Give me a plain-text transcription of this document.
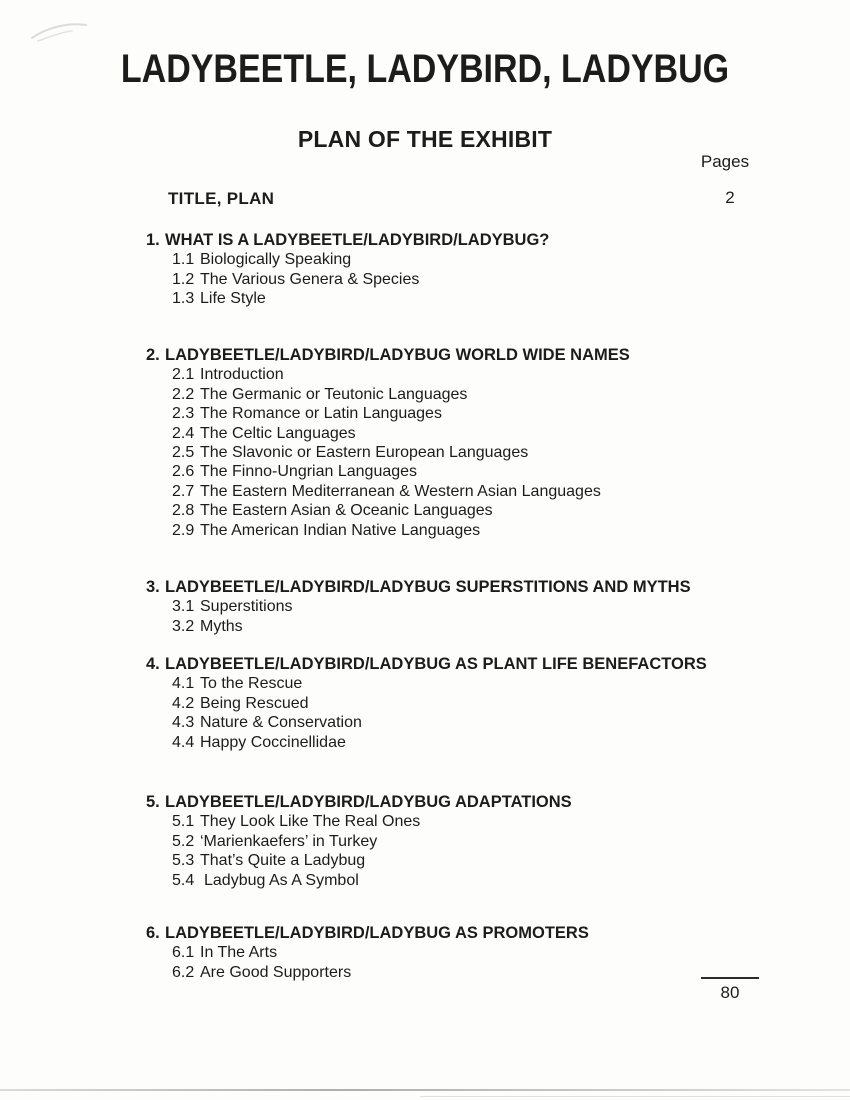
LADYBEETLE, LADYBIRD, LADYBUG
PLAN OF THE EXHIBIT
Pages
TITLE, PLAN	2
1. WHAT IS A LADYBEETLE/LADYBIRD/LADYBUG?
1.1 Biologically Speaking
1.2 The Various Genera & Species
1.3 Life Style
2. LADYBEETLE/LADYBIRD/LADYBUG WORLD WIDE NAMES
2.1 Introduction
2.2 The Germanic or Teutonic Languages
2.3 The Romance or Latin Languages
2.4 The Celtic Languages
2.5 The Slavonic or Eastern European Languages
2.6 The Finno-Ungrian Languages
2.7 The Eastern Mediterranean & Western Asian Languages
2.8 The Eastern Asian & Oceanic Languages
2.9 The American Indian Native Languages
3. LADYBEETLE/LADYBIRD/LADYBUG SUPERSTITIONS AND MYTHS
3.1 Superstitions
3.2 Myths
4. LADYBEETLE/LADYBIRD/LADYBUG AS PLANT LIFE BENEFACTORS
4.1 To the Rescue
4.2 Being Rescued
4.3 Nature & Conservation
4.4 Happy Coccinellidae
5. LADYBEETLE/LADYBIRD/LADYBUG ADAPTATIONS
5.1 They Look Like The Real Ones
5.2 ‘Marienkaefers’ in Turkey
5.3 That’s Quite a Ladybug
5.4 Ladybug As A Symbol
6. LADYBEETLE/LADYBIRD/LADYBUG AS PROMOTERS
6.1 In The Arts
6.2 Are Good Supporters
80
